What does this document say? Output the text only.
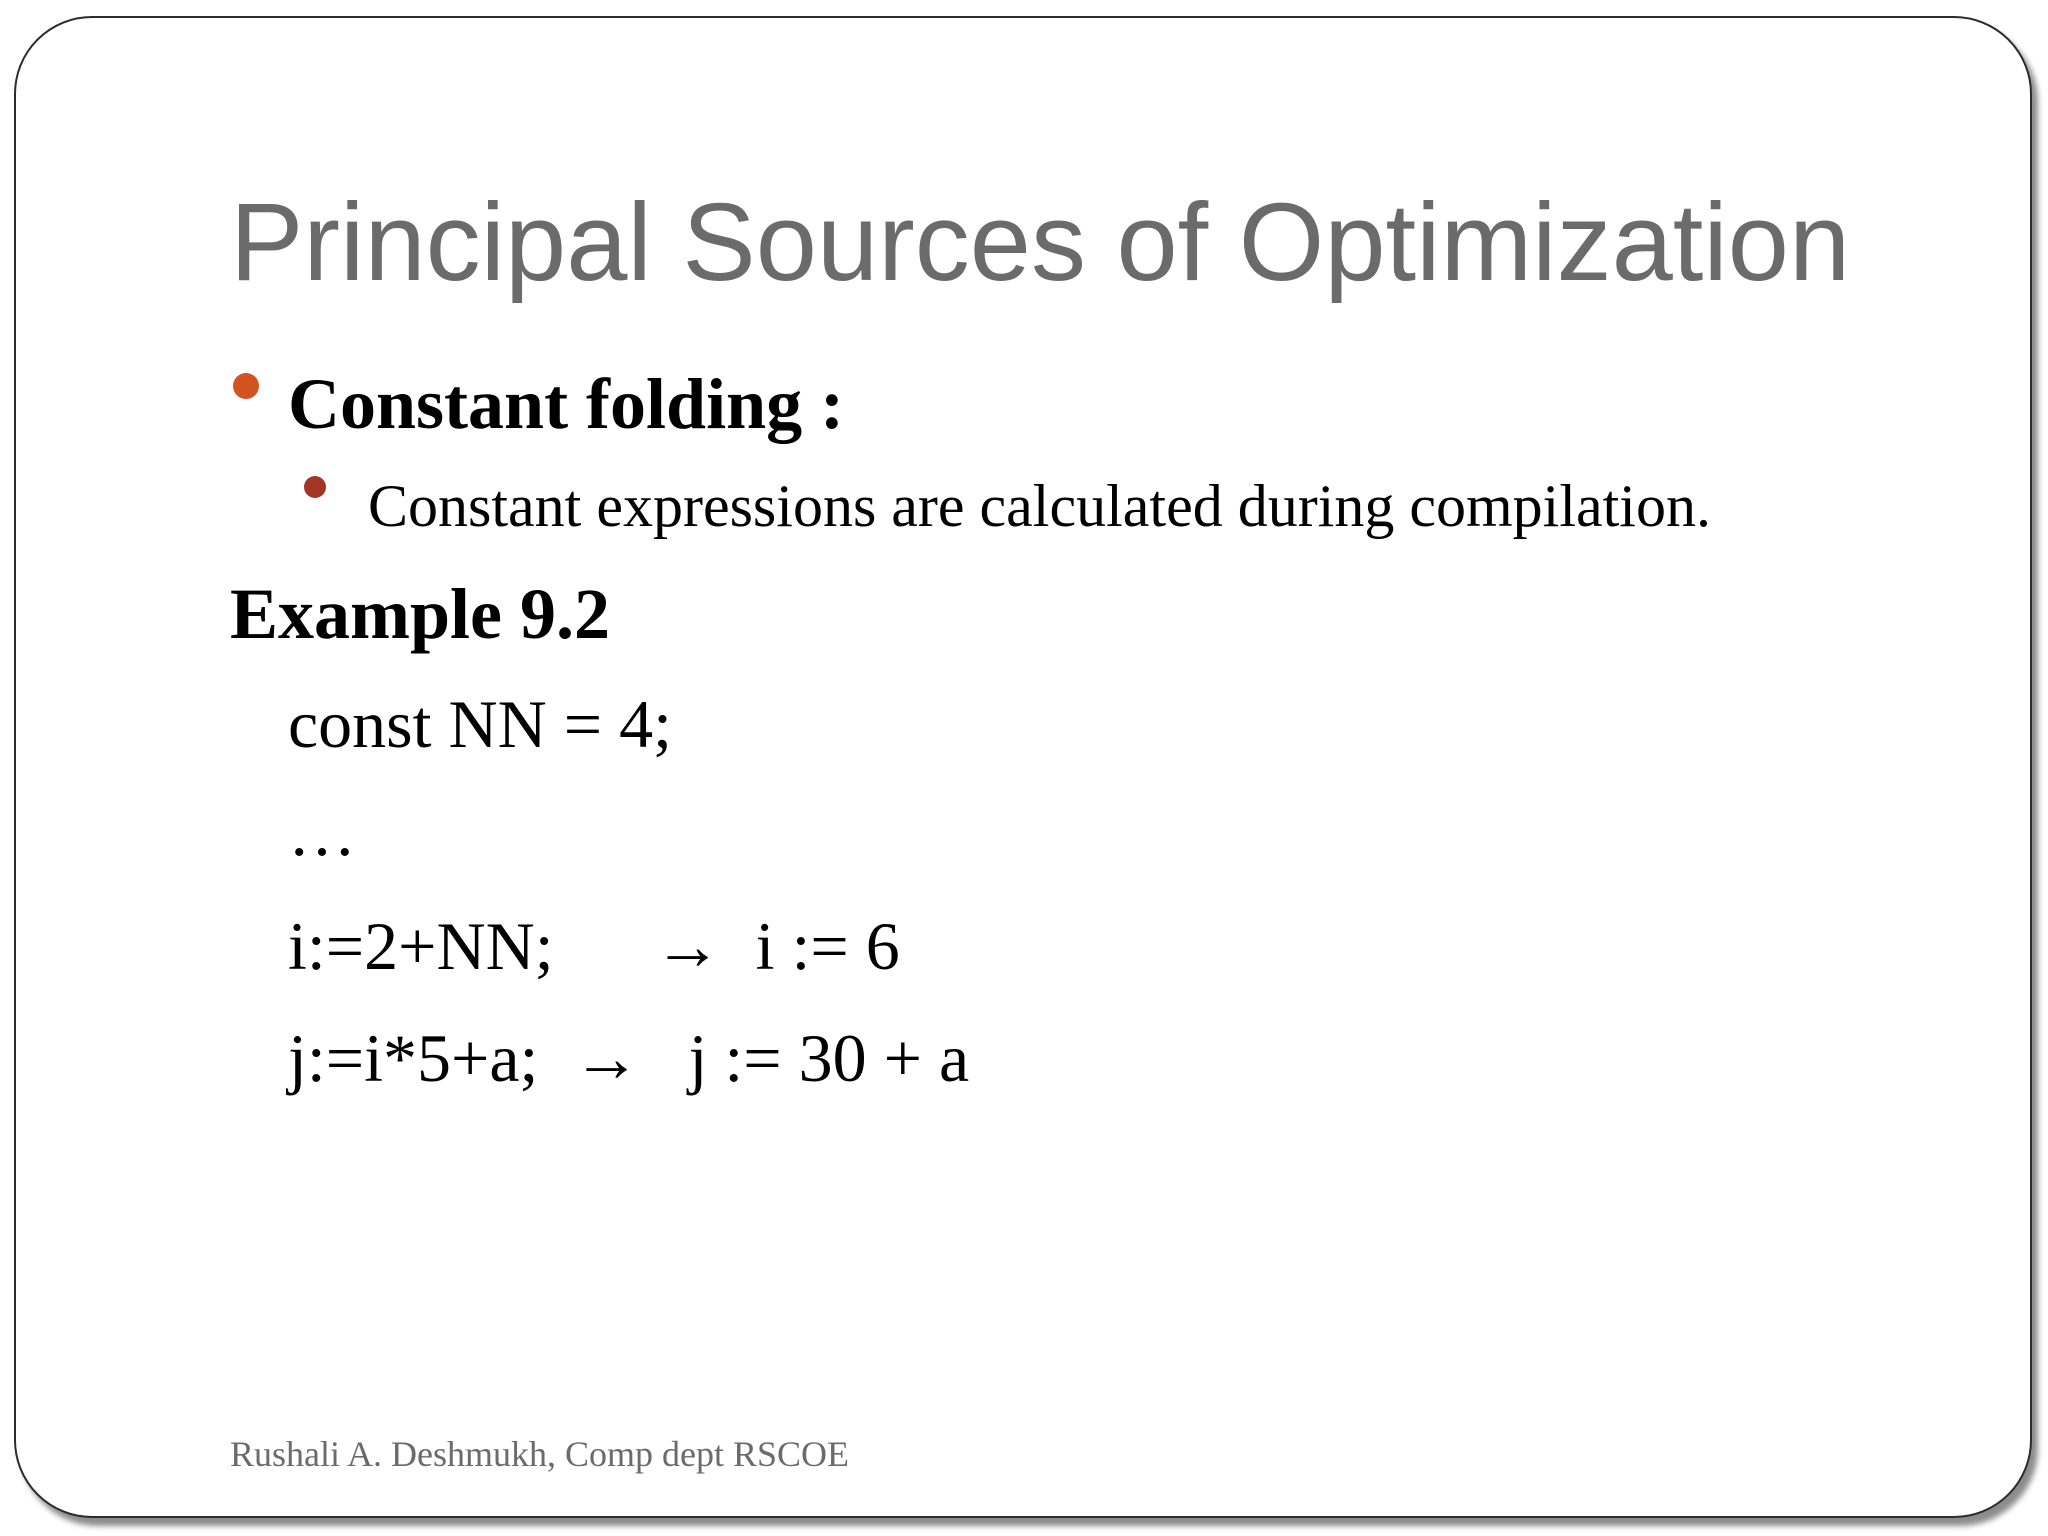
Principal Sources of Optimization
Constant folding :
Constant expressions are calculated during compilation.
Example 9.2
const NN = 4;
…
i:=2+NN; → i := 6
j:=i*5+a; → j := 30 + a
Rushali A. Deshmukh, Comp dept RSCOE
